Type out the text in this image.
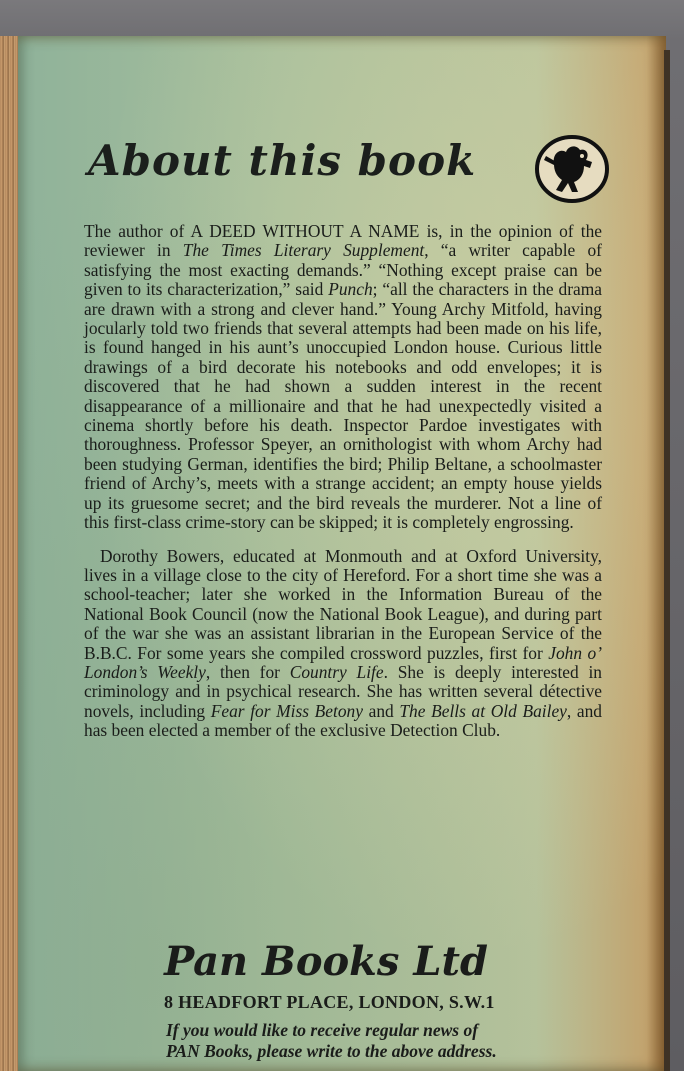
About this book

The author of A DEED WITHOUT A NAME is, in the opinion of the reviewer in The Times Literary Supplement, “a writer capable of satisfying the most exacting demands.” “Nothing except praise can be given to its characterization,” said Punch; “all the characters in the drama are drawn with a strong and clever hand.” Young Archy Mitfold, having jocularly told two friends that several attempts had been made on his life, is found hanged in his aunt’s unoccupied London house. Curious little drawings of a bird decorate his notebooks and odd envelopes; it is discovered that he had shown a sudden interest in the recent disappearance of a millionaire and that he had unexpectedly visited a cinema shortly before his death. Inspector Pardoe investigates with thoroughness. Professor Speyer, an ornithologist with whom Archy had been studying German, identifies the bird; Philip Beltane, a schoolmaster friend of Archy’s, meets with a strange accident; an empty house yields up its gruesome secret; and the bird reveals the murderer. Not a line of this first-class crime-story can be skipped; it is completely engrossing.

Dorothy Bowers, educated at Monmouth and at Oxford University, lives in a village close to the city of Hereford. For a short time she was a school-teacher; later she worked in the Information Bureau of the National Book Council (now the National Book League), and during part of the war she was an assistant librarian in the European Service of the B.B.C. For some years she compiled crossword puzzles, first for John o’ London’s Weekly, then for Country Life. She is deeply interested in criminology and in psychical research. She has written several détective novels, including Fear for Miss Betony and The Bells at Old Bailey, and has been elected a member of the exclusive Detection Club.

Pan Books Ltd
8 HEADFORT PLACE, LONDON, S.W.1
If you would like to receive regular news of
PAN Books, please write to the above address.
